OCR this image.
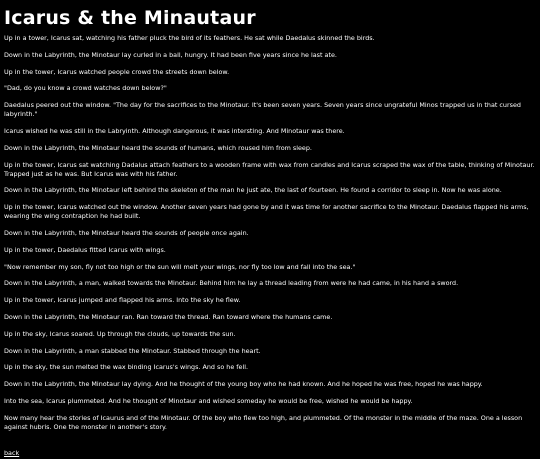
Icarus & the Minautaur

Up in a tower, Icarus sat, watching his father pluck the bird of its feathers. He sat while Daedalus skinned the birds.

Down in the Labyrinth, the Minotaur lay curled in a ball, hungry. It had been five years since he last ate.

Up in the tower, Icarus watched people crowd the streets down below.

"Dad, do you know a crowd watches down below?"

Daedalus peered out the window. "The day for the sacrifices to the Minotaur. It's been seven years. Seven years since ungrateful Minos trapped us in that cursed labyrinth."

Icarus wished he was still in the Labryinth. Although dangerous, it was intersting. And Minotaur was there.

Down in the Labyrinth, the Minotaur heard the sounds of humans, which roused him from sleep.

Up in the tower, Icarus sat watching Dadalus attach feathers to a wooden frame with wax from candles and Icarus scraped the wax of the table, thinking of Minotaur. Trapped just as he was. But Icarus was with his father.

Down in the Labyrinth, the Minotaur left behind the skeleton of the man he just ate, the last of fourteen. He found a corridor to sleep in. Now he was alone.

Up in the tower, Icarus watched out the window. Another seven years had gone by and it was time for another sacrifice to the Minotaur. Daedalus flapped his arms, wearing the wing contraption he had built.

Down in the Labyrinth, the Minotaur heard the sounds of people once again.

Up in the tower, Daedalus fitted Icarus with wings.

"Now remember my son, fly not too high or the sun will melt your wings, nor fly too low and fall into the sea."

Down in the Labyrinth, a man, walked towards the Minotaur. Behind him he lay a thread leading from were he had came, in his hand a sword.

Up in the tower, Icarus jumped and flapped his arms. Into the sky he flew.

Down in the Labyrinth, the Minotaur ran. Ran toward the thread. Ran toward where the humans came.

Up in the sky, Icarus soared. Up through the clouds, up towards the sun.

Down in the Labyrinth, a man stabbed the Minotaur. Stabbed through the heart.

Up in the sky, the sun melted the wax binding Icarus's wings. And so he fell.

Down in the Labyrinth, the Minotaur lay dying. And he thought of the young boy who he had known. And he hoped he was free, hoped he was happy.

Into the sea, Icarus plummeted. And he thought of Minotaur and wished someday he would be free, wished he would be happy.

Now many hear the stories of Icaurus and of the Minotaur. Of the boy who flew too high, and plummeted. Of the monster in the middle of the maze. One a lesson against hubris. One the monster in another's story.

back
